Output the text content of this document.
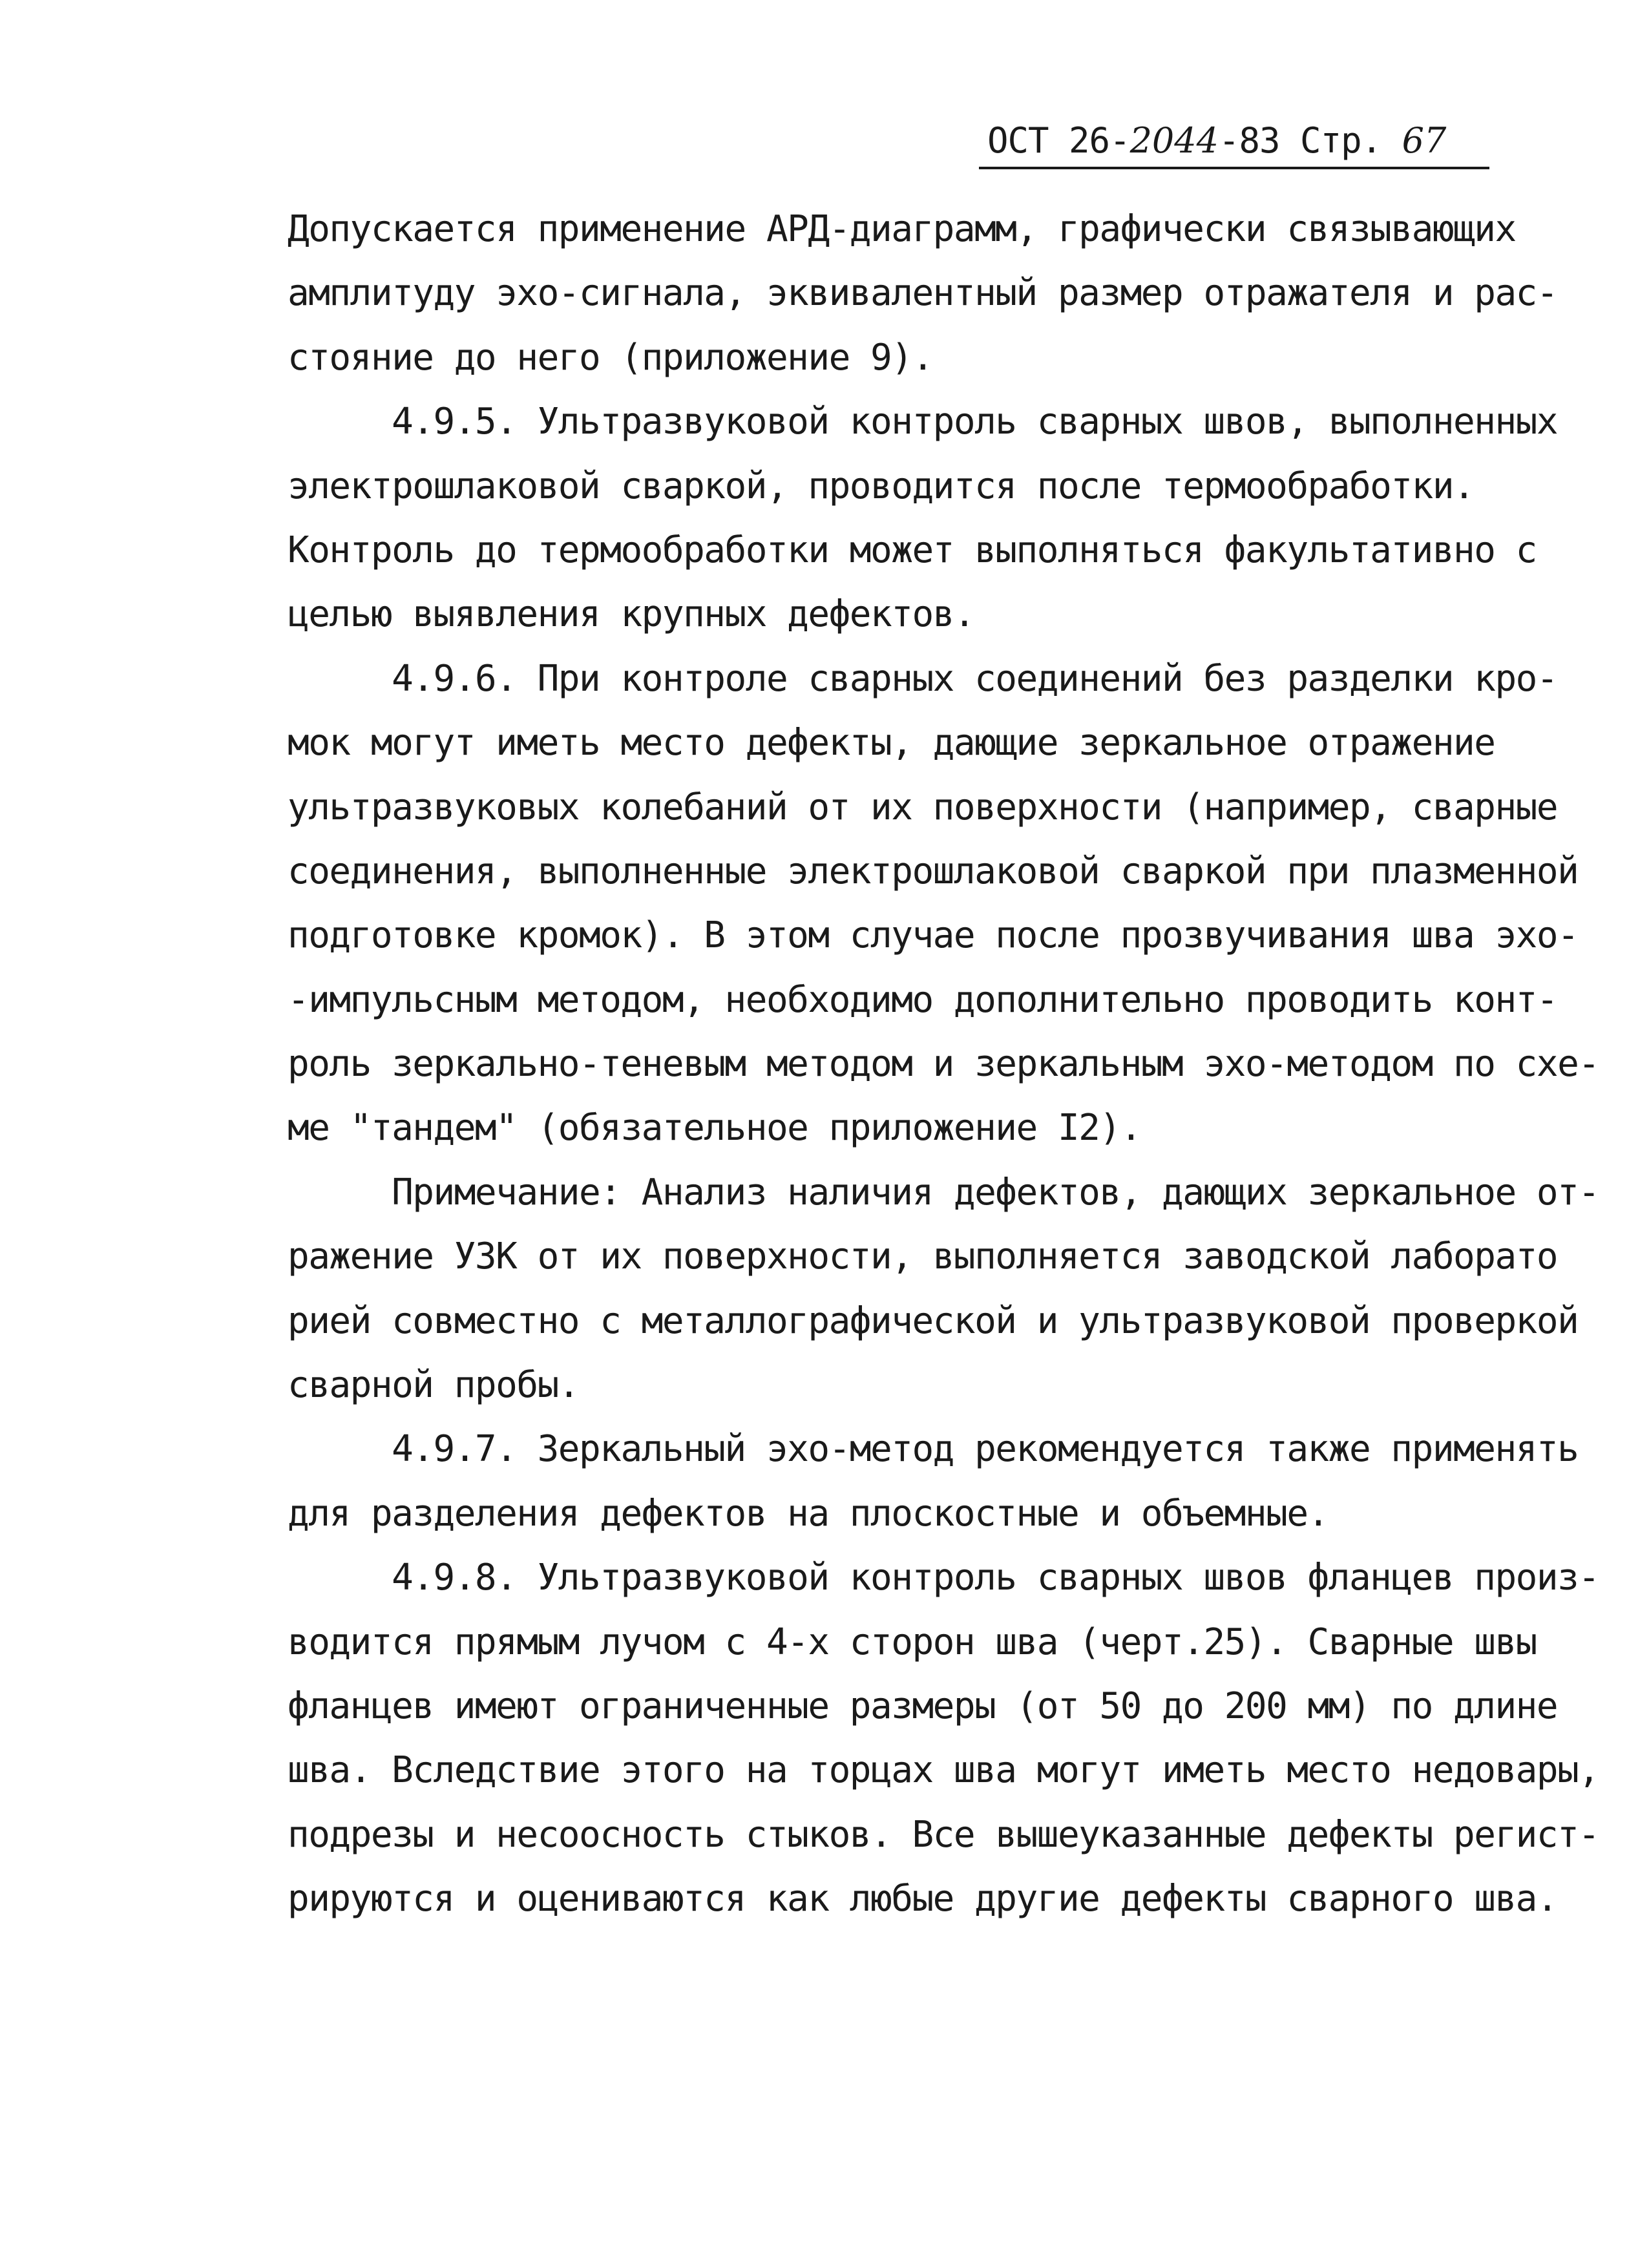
ОСТ 26-2044-83 Стр. 67
Допускается применение АРД-диаграмм, графически связывающих
амплитуду эхо-сигнала, эквивалентный размер отражателя и рас-
стояние до него (приложение 9).
4.9.5. Ультразвуковой контроль сварных швов, выполненных
электрошлаковой сваркой, проводится после термообработки.
Контроль до термообработки может выполняться факультативно с
целью выявления крупных дефектов.
4.9.6. При контроле сварных соединений без разделки кро-
мок могут иметь место дефекты, дающие зеркальное отражение
ультразвуковых колебаний от их поверхности (например, сварные
соединения, выполненные электрошлаковой сваркой при плазменной
подготовке кромок). В этом случае после прозвучивания шва эхо-
-импульсным методом, необходимо дополнительно проводить конт-
роль зеркально-теневым методом и зеркальным эхо-методом по схе-
ме "тандем" (обязательное приложение I2).
Примечание: Анализ наличия дефектов, дающих зеркальное от-
ражение УЗК от их поверхности, выполняется заводской лаборато
рией совместно с металлографической и ультразвуковой проверкой
сварной пробы.
4.9.7. Зеркальный эхо-метод рекомендуется также применять
для разделения дефектов на плоскостные и объемные.
4.9.8. Ультразвуковой контроль сварных швов фланцев произ-
водится прямым лучом с 4-х сторон шва (черт.25). Сварные швы
фланцев имеют ограниченные размеры (от 50 до 200 мм) по длине
шва. Вследствие этого на торцах шва могут иметь место недовары,
подрезы и несоосность стыков. Все вышеуказанные дефекты регист-
рируются и оцениваются как любые другие дефекты сварного шва.
